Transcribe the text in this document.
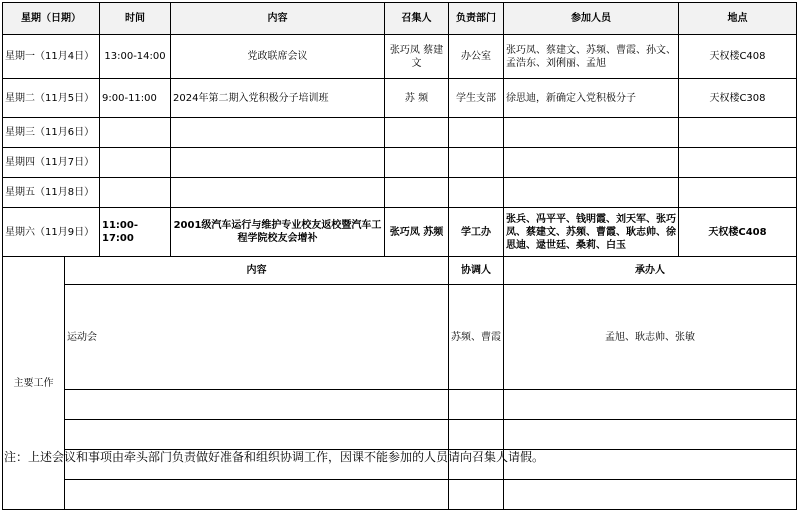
星期（日期）		时间	内容	召集人	负责部门	参加人员	地点	
星期一（11月4日）		13:00-14:00	党政联席会议	张巧凤 蔡建文	办公室	张巧凤、蔡建文、苏频、曹霞、孙文、孟浩东、刘俐丽、孟旭	天权楼C408	
星期二（11月5日）		9:00-11:00	2024年第二期入党积极分子培训班	苏 频	学生支部	徐思迪，新确定入党积极分子	天权楼C308	
星期三（11月6日）								
星期四（11月7日）								
星期五（11月8日）								
星期六（11月9日）		11:00-17:00	2001级汽车运行与维护专业校友返校暨汽车工程学院校友会增补	张巧凤 苏频	学工办	张兵、冯平平、钱明霞、刘天军、张巧凤、蔡建文、苏频、曹霞、耿志帅、徐思迪、逯世廷、桑莉、白玉	天权楼C408	
主要工作	内容				协调人	承办人	
	运动会				苏频、曹霞	孟旭、耿志帅、张敏	

注：上述会议和事项由牵头部门负责做好准备和组织协调工作，因课不能参加的人员请向召集人请假。
